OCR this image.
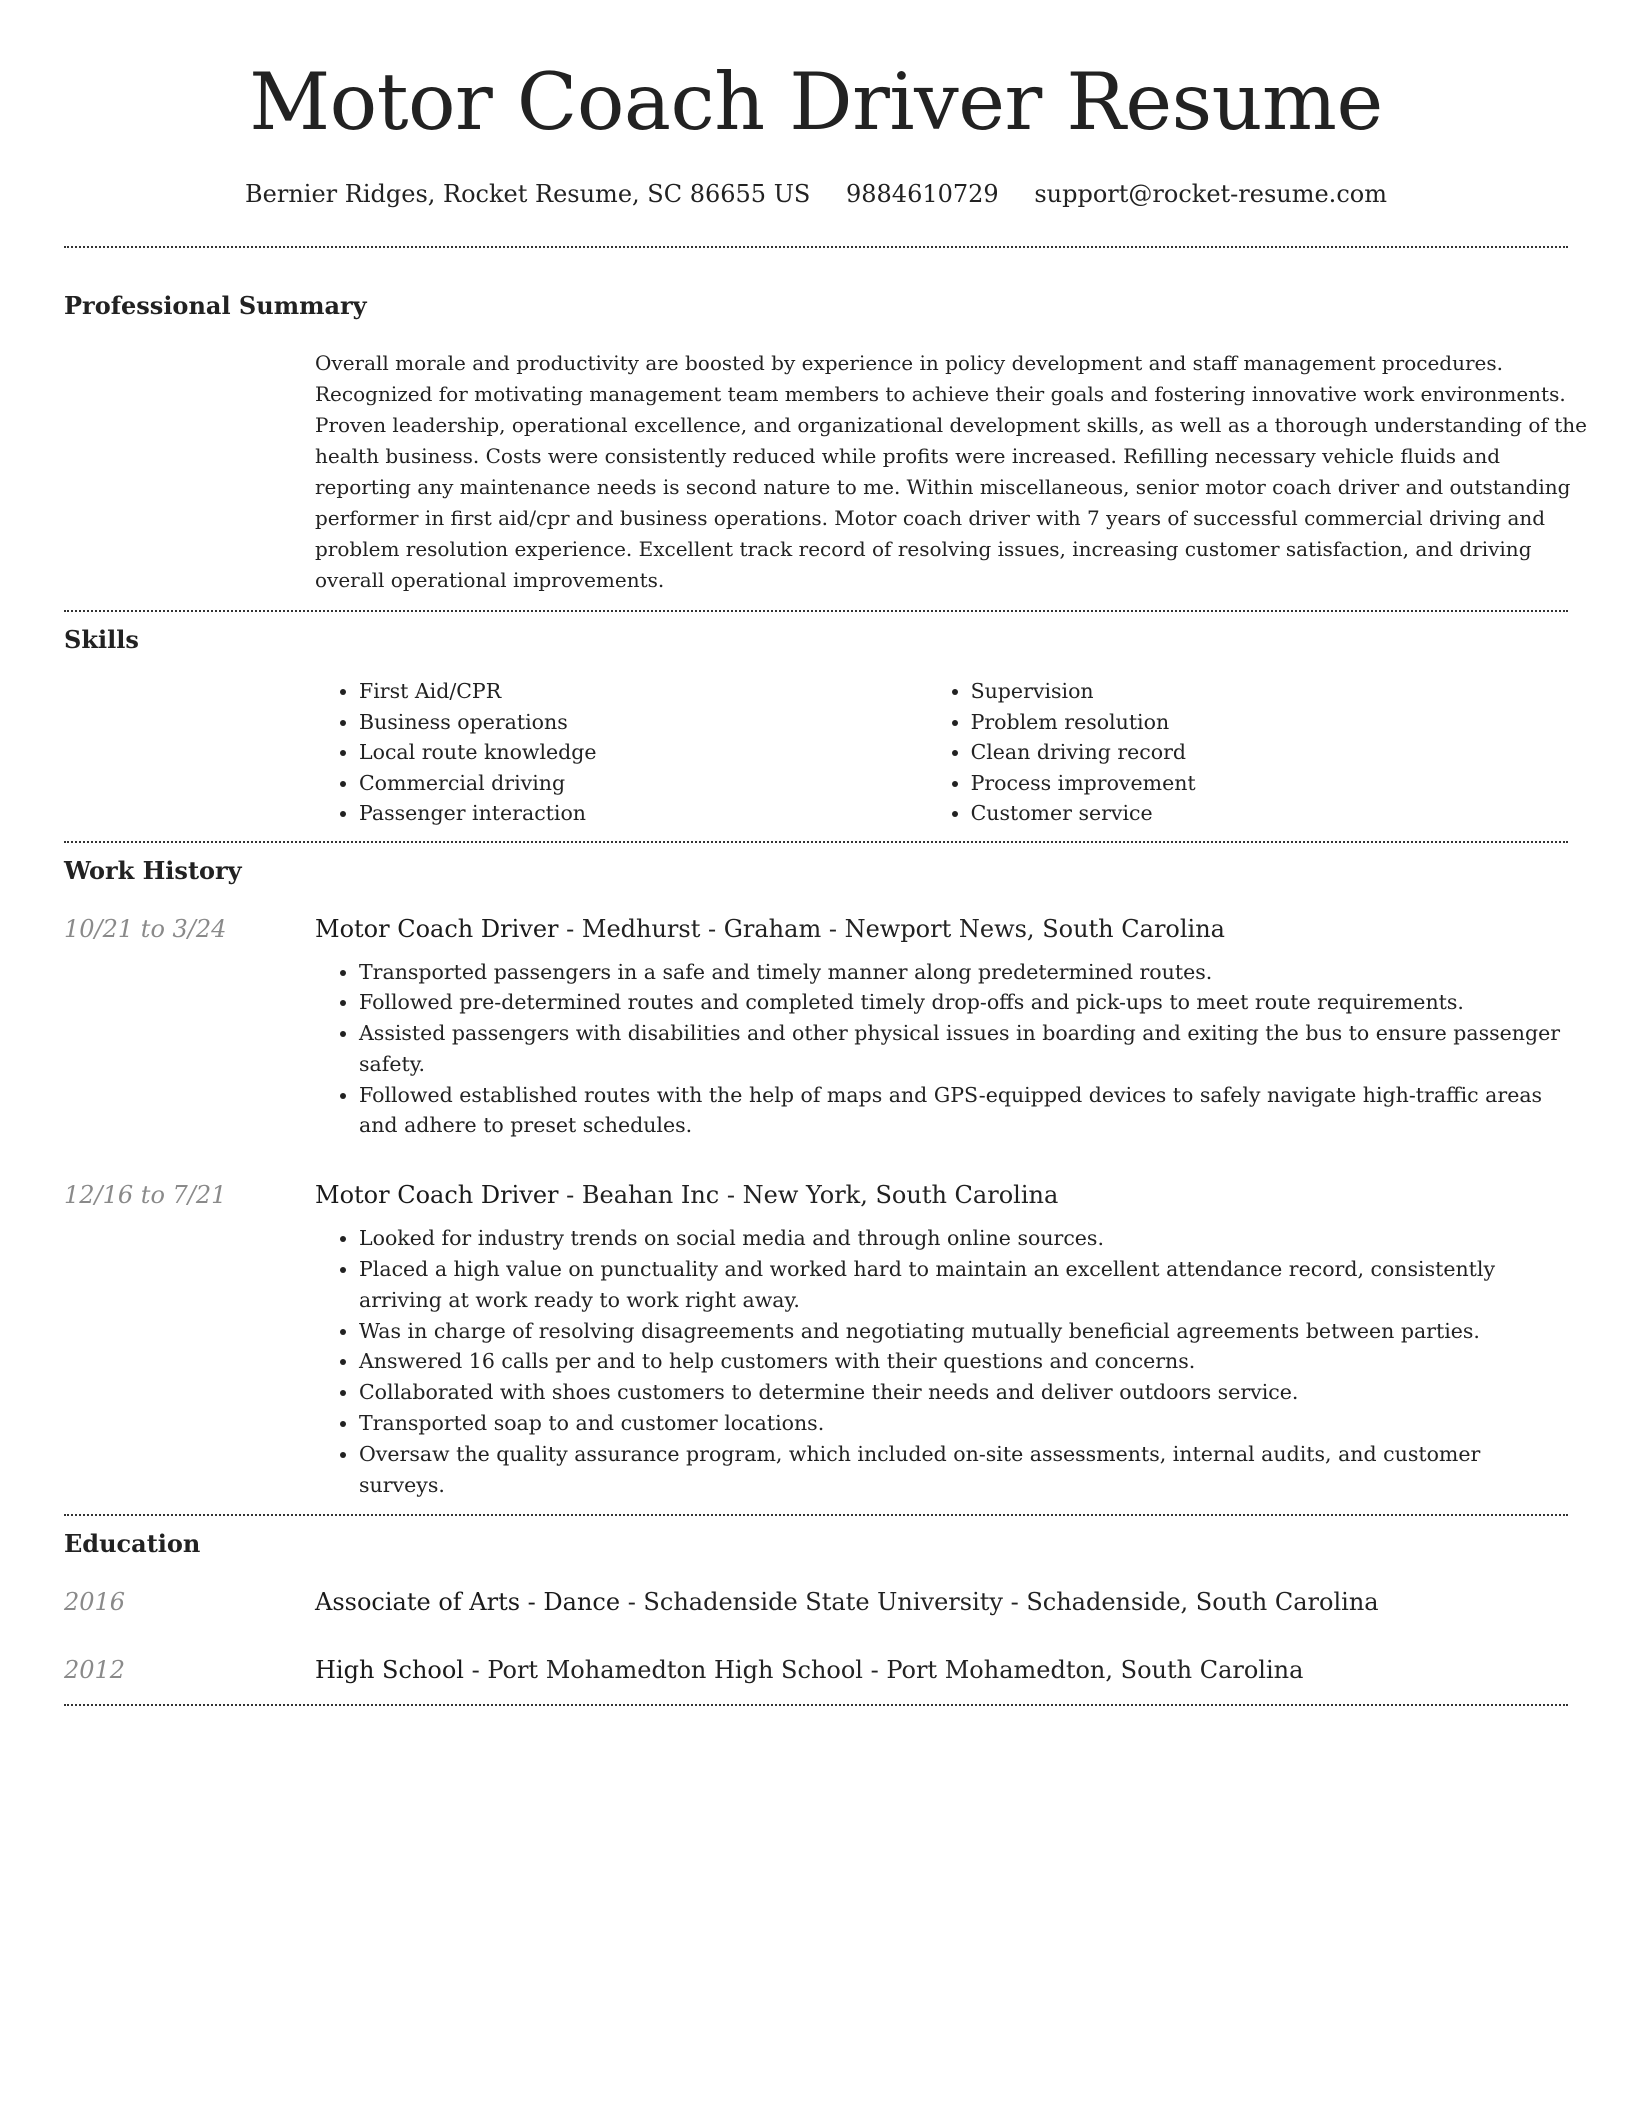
Motor Coach Driver Resume
Bernier Ridges, Rocket Resume, SC 86655 US 9884610729 support@rocket-resume.com
Professional Summary
Overall morale and productivity are boosted by experience in policy development and staff management procedures. Recognized for motivating management team members to achieve their goals and fostering innovative work environments. Proven leadership, operational excellence, and organizational development skills, as well as a thorough understanding of the health business. Costs were consistently reduced while profits were increased. Refilling necessary vehicle fluids and reporting any maintenance needs is second nature to me. Within miscellaneous, senior motor coach driver and outstanding performer in first aid/cpr and business operations. Motor coach driver with 7 years of successful commercial driving and problem resolution experience. Excellent track record of resolving issues, increasing customer satisfaction, and driving overall operational improvements.
Skills
• First Aid/CPR
• Business operations
• Local route knowledge
• Commercial driving
• Passenger interaction
• Supervision
• Problem resolution
• Clean driving record
• Process improvement
• Customer service
Work History
10/21 to 3/24	Motor Coach Driver - Medhurst - Graham - Newport News, South Carolina
• Transported passengers in a safe and timely manner along predetermined routes.
• Followed pre-determined routes and completed timely drop-offs and pick-ups to meet route requirements.
• Assisted passengers with disabilities and other physical issues in boarding and exiting the bus to ensure passenger safety.
• Followed established routes with the help of maps and GPS-equipped devices to safely navigate high-traffic areas and adhere to preset schedules.
12/16 to 7/21	Motor Coach Driver - Beahan Inc - New York, South Carolina
• Looked for industry trends on social media and through online sources.
• Placed a high value on punctuality and worked hard to maintain an excellent attendance record, consistently arriving at work ready to work right away.
• Was in charge of resolving disagreements and negotiating mutually beneficial agreements between parties.
• Answered 16 calls per and to help customers with their questions and concerns.
• Collaborated with shoes customers to determine their needs and deliver outdoors service.
• Transported soap to and customer locations.
• Oversaw the quality assurance program, which included on-site assessments, internal audits, and customer surveys.
Education
2016	Associate of Arts - Dance - Schadenside State University - Schadenside, South Carolina
2012	High School - Port Mohamedton High School - Port Mohamedton, South Carolina
